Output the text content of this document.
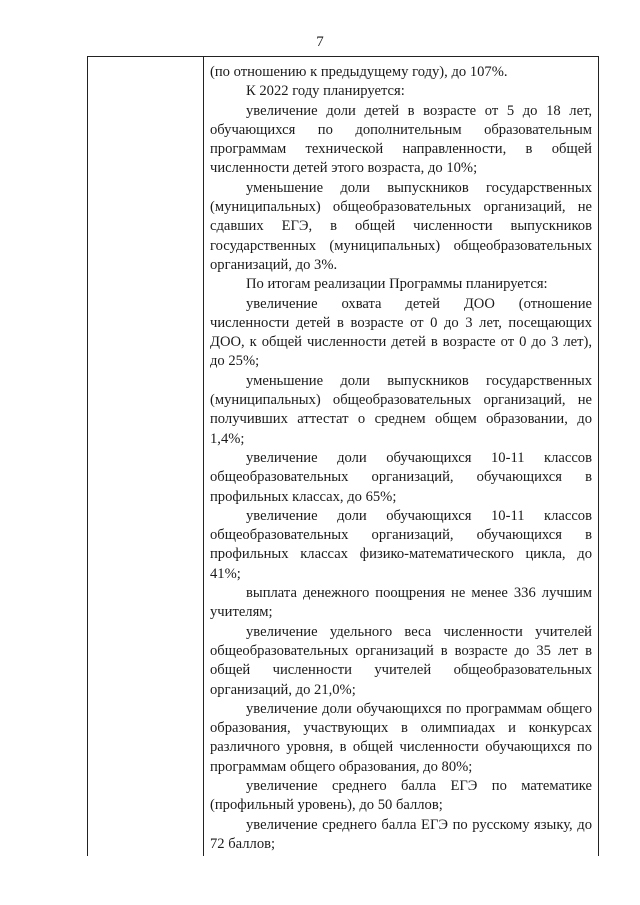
7

(по отношению к предыдущему году), до 107%.

К 2022 году планируется:

увеличение доли детей в возрасте от 5 до 18 лет, обучающихся по дополнительным образовательным программам технической направленности, в общей численности детей этого возраста, до 10%;

уменьшение доли выпускников государственных (муниципальных) общеобразовательных организаций, не сдавших ЕГЭ, в общей численности выпускников государственных (муниципальных) общеобразовательных организаций, до 3%.

По итогам реализации Программы планируется:

увеличение охвата детей ДОО (отношение численности детей в возрасте от 0 до 3 лет, посещающих ДОО, к общей численности детей в возрасте от 0 до 3 лет), до 25%;

уменьшение доли выпускников государственных (муниципальных) общеобразовательных организаций, не получивших аттестат о среднем общем образовании, до 1,4%;

увеличение доли обучающихся 10-11 классов общеобразовательных организаций, обучающихся в профильных классах, до 65%;

увеличение доли обучающихся 10-11 классов общеобразовательных организаций, обучающихся в профильных классах физико-математического цикла, до 41%;

выплата денежного поощрения не менее 336 лучшим учителям;

увеличение удельного веса численности учителей общеобразовательных организаций в возрасте до 35 лет в общей численности учителей общеобразовательных организаций, до 21,0%;

увеличение доли обучающихся по программам общего образования, участвующих в олимпиадах и конкурсах различного уровня, в общей численности обучающихся по программам общего образования, до 80%;

увеличение среднего балла ЕГЭ по математике (профильный уровень), до 50 баллов;

увеличение среднего балла ЕГЭ по русскому языку, до 72 баллов;
